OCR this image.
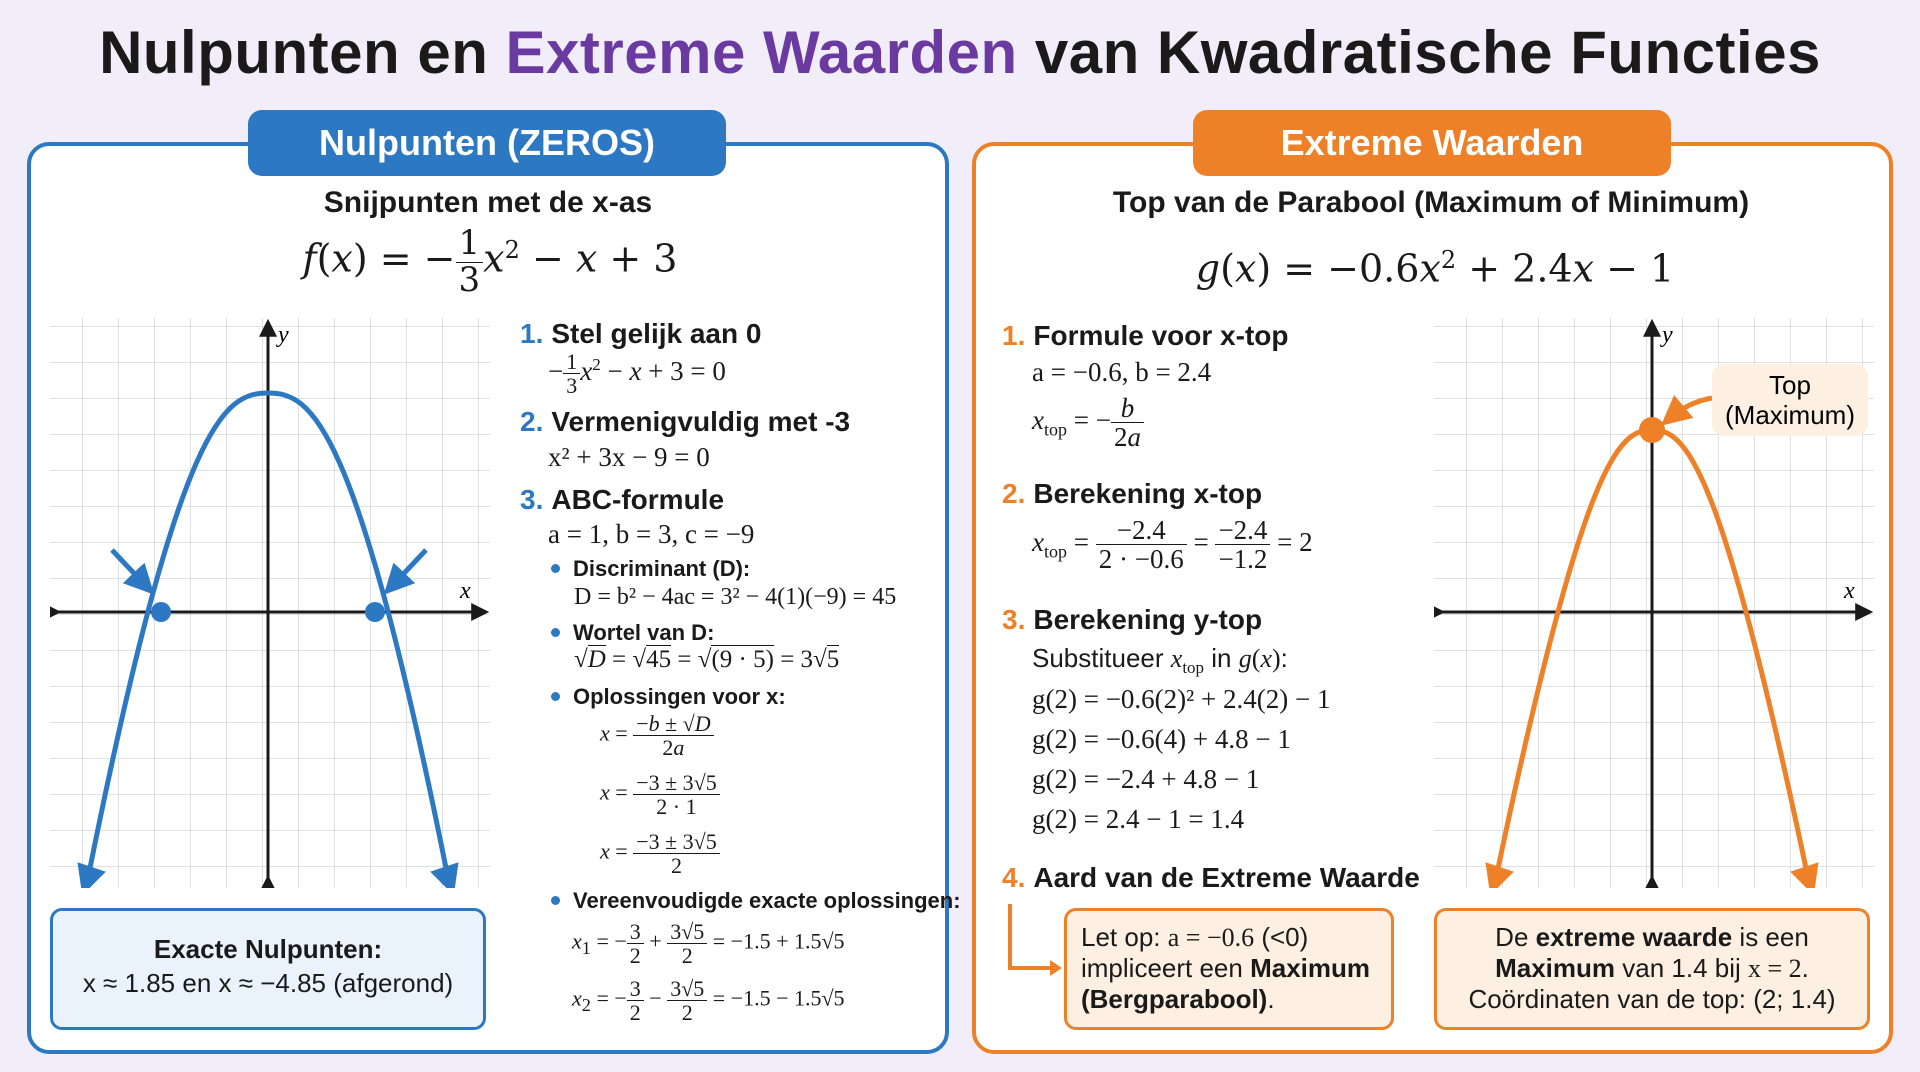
Nulpunten en Extreme Waarden van Kwadratische Functies
Nulpunten (ZEROS)
Snijpunten met de x-as
f(x) = − $\frac{1}{3} x^2 - x + 3$
x
y	1. Stel gelijk aan 0
− $\frac{1}{3} x^2 - x + 3 = 0$
2. Vermenigvuldig met -3
x² + 3x − 9 = 0
3. ABC-formule
a = 1, b = 3, c = −9
Discriminant (D):
D = b² − 4ac = 3² − 4(1)(−9) = 45
Wortel van D:
√D = √45 = √(9 · 5) = 3√5
Oplossingen voor x:
$x = \frac{-b \pm √D}{2a}$
$x = \frac{-3 \pm 3√5}{2 \cdot 1}$
$x = \frac{-3 \pm 3√5}{2}$
Vereenvoudigde exacte oplossingen:
$x_1$ = − $\frac{3}{2} + \frac{3√5}{2} = -1.5 + 1.5√5$
$x_2$ = − $\frac{3}{2} - \frac{3√5}{2} = -1.5 - 1.5√5$
Exacte Nulpunten:
x ≈ 1.85 en x ≈ −4.85 (afgerond)
Extreme Waarden
Top van de Parabool (Maximum of Minimum)
$g(x) = -0.6x^2 + 2.4x - 1$
1. Formule voor x-top
a = −0.6, b = 2.4
$x_{top}$ = − $\frac{b}{2a}$
2. Berekening x-top
$x_{top} = \frac{-2.4}{2 \cdot -0.6} = \frac{-2.4}{-1.2} = 2$
3. Berekening y-top
Substitueer $x_{top}$ in g(x):
g(2) = −0.6(2)² + 2.4(2) − 1
g(2) = −0.6(4) + 4.8 − 1
g(2) = −2.4 + 4.8 − 1
g(2) = 2.4 − 1 = 1.4
4. Aard van de Extreme Waarde
Let op: a = −0.6 (<0)
impliceert een Maximum
(Bergparabool).
x
y
Top
(Maximum)
De extreme waarde is een
Maximum van 1.4 bij x = 2.
Coördinaten van de top: (2; 1.4)
